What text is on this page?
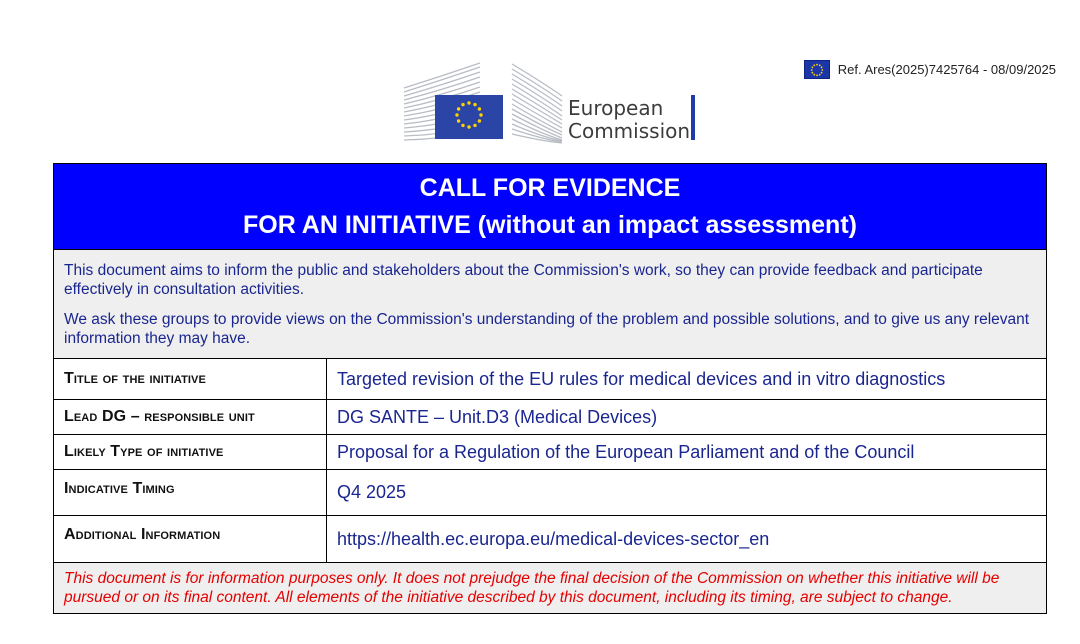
Ref. Ares(2025)7425764 - 08/09/2025
European
Commission
CALL FOR EVIDENCE
FOR AN INITIATIVE (without an impact assessment)	

This document aims to inform the public and stakeholders about the Commission's work, so they can provide feedback and participate effectively in consultation activities.

We ask these groups to provide views on the Commission's understanding of the problem and possible solutions, and to give us any relevant information they may have.	

Title of the initiative	Targeted revision of the EU rules for medical devices and in vitro diagnostics
Lead DG – responsible unit	DG SANTE – Unit.D3 (Medical Devices)
Likely Type of initiative	Proposal for a Regulation of the European Parliament and of the Council
Indicative Timing	Q4 2025
Additional Information	https://health.ec.europa.eu/medical-devices-sector_en
This document is for information purposes only. It does not prejudge the final decision of the Commission on whether this initiative will be pursued or on its final content. All elements of the initiative described by this document, including its timing, are subject to change.	
